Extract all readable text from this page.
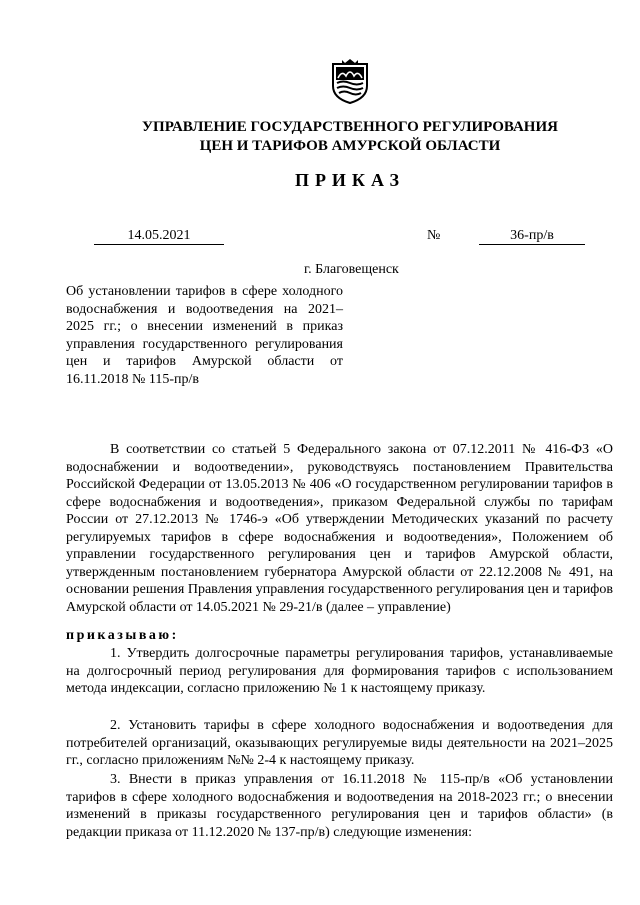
УПРАВЛЕНИЕ ГОСУДАРСТВЕННОГО РЕГУЛИРОВАНИЯ
ЦЕН И ТАРИФОВ АМУРСКОЙ ОБЛАСТИ
ПРИКАЗ
14.05.2021	№	36-пр/в
г. Благовещенск
Об установлении тарифов в сфере холодного водоснабжения и водоотведения на 2021–2025 гг.; о внесении изменений в приказ управления государственного регулирования цен и тарифов Амурской области от 16.11.2018 № 115-пр/в
В соответствии со статьей 5 Федерального закона от 07.12.2011 № 416-ФЗ «О водоснабжении и водоотведении», руководствуясь постановлением Правительства Российской Федерации от 13.05.2013 № 406 «О государственном регулировании тарифов в сфере водоснабжения и водоотведения», приказом Федеральной службы по тарифам России от 27.12.2013 № 1746-э «Об утверждении Методических указаний по расчету регулируемых тарифов в сфере водоснабжения и водоотведения», Положением об управлении государственного регулирования цен и тарифов Амурской области, утвержденным постановлением губернатора Амурской области от 22.12.2008 № 491, на основании решения Правления управления государственного регулирования цен и тарифов Амурской области от 14.05.2021 № 29-21/в (далее – управление)
приказываю:
1. Утвердить долгосрочные параметры регулирования тарифов, устанавливаемые на долгосрочный период регулирования для формирования тарифов с использованием метода индексации, согласно приложению № 1 к настоящему приказу.
2. Установить тарифы в сфере холодного водоснабжения и водоотведения для потребителей организаций, оказывающих регулируемые виды деятельности на 2021–2025 гг., согласно приложениям №№ 2-4 к настоящему приказу.
3. Внести в приказ управления от 16.11.2018 № 115-пр/в «Об установлении тарифов в сфере холодного водоснабжения и водоотведения на 2018-2023 гг.; о внесении изменений в приказы государственного регулирования цен и тарифов области» (в редакции приказа от 11.12.2020 № 137-пр/в) следующие изменения:
